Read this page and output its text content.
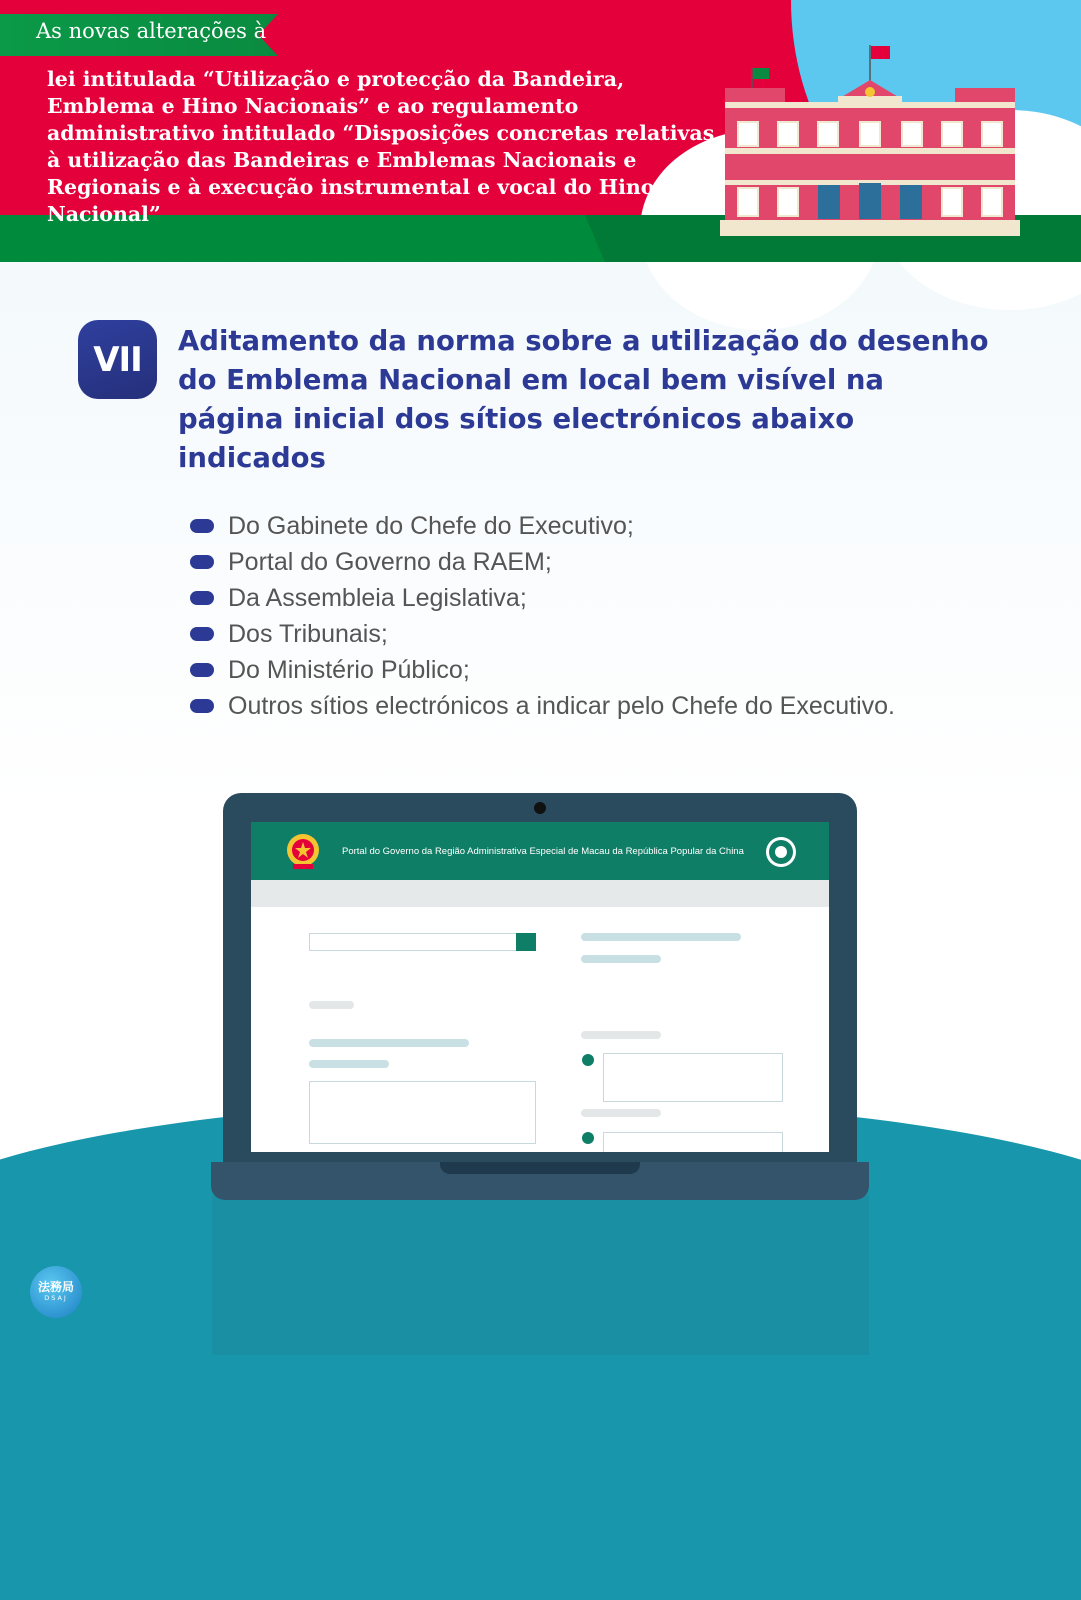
As novas alterações à
lei intitulada “Utilização e protecção da Bandeira, Emblema e Hino Nacionais” e ao regulamento administrativo intitulado “Disposições concretas relativas à utilização das Bandeiras e Emblemas Nacionais e Regionais e à execução instrumental e vocal do Hino Nacional”
VII	Aditamento da norma sobre a utilização do desenho do Emblema Nacional em local bem visível na página inicial dos sítios electrónicos abaixo indicados
Do Gabinete do Chefe do Executivo;
Portal do Governo da RAEM;
Da Assembleia Legislativa;
Dos Tribunais;
Do Ministério Público;
Outros sítios electrónicos a indicar pelo Chefe do Executivo.
Portal do Governo da Região Administrativa Especial de Macau da República Popular da China
法務局
DSAJ
